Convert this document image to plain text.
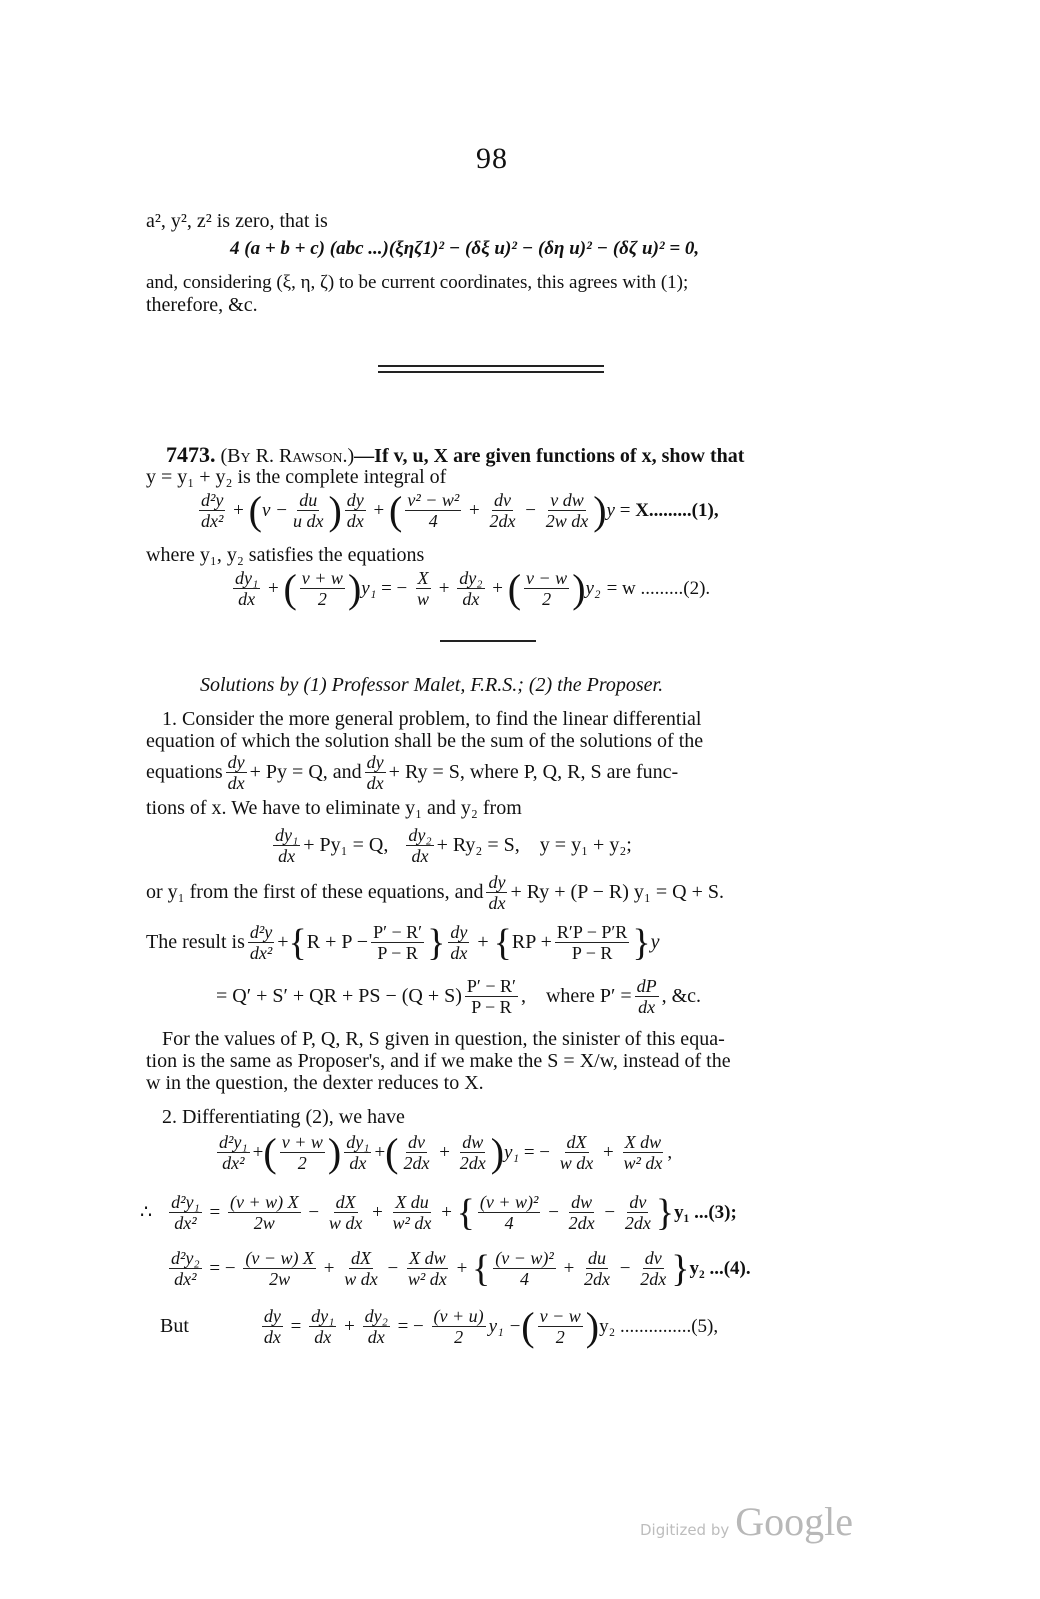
98
a², y², z² is zero, that is
4 (a + b + c) (abc ...)(ξηζ1)² − (δξ u)² − (δη u)² − (δζ u)² = 0,
and, considering (ξ, η, ζ) to be current coordinates, this agrees with (1);
therefore, &c.
7473. (By R. Rawson.)—If v, u, X are given functions of x, show that
y = y₁ + y₂ is the complete integral of
$\frac{\text{d²y}}{\text{dx²}}$ + ( $v - \frac{du}{\text{u dx}}$ ) $\frac{dy}{dx}$ + ( $\frac{\text{v² − w²}}{4} + \frac{dv}{2dx} - \frac{\text{v dw}}{\text{2w dx}}$ ) y = X.........(1),
where y₁, y₂ satisfies the equations
$\frac{\text{dy₁}}{dx}$ + ( $\frac{v + w}{2}$ ) y₁ = − $\frac{X}{w} + \frac{\text{dy₂}}{dx}$ + ( $\frac{v - w}{2}$ ) y₂ = w .........(2).
Solutions by (1) Professor Malet, F.R.S.; (2) the Proposer.
1. Consider the more general problem, to find the linear differential
equation of which the solution shall be the sum of the solutions of the
equations $\frac{dy}{dx} + Py = Q$, and $\frac{dy}{dx} + Ry = S$, where P, Q, R, S are func-
tions of x. We have to eliminate y₁ and y₂ from
$\frac{\text{dy₁}}{dx} + Py_1 = Q$, $\frac{\text{dy₂}}{dx} + Ry_2 = S$,    y = y₁ + y₂;
or y₁ from the first of these equations, and $\frac{dy}{dx} + Ry + (P - R) y_1 = Q + S$.
The result is $\frac{\text{d²y}}{\text{dx²}}$ + { $R + P - \frac{P' - R'}{P - R}$ } $\frac{dy}{dx}$ + { RP + $\frac{R'P - P'R}{P - R}$ } y
= Q′ + S′ + QR + PS − $(Q + S) \frac{P' - R'}{P - R}$ , where $P' = \frac{dP}{dx}$ , &c.
For the values of P, Q, R, S given in question, the sinister of this equa-
tion is the same as Proposer's, and if we make the S = X/w, instead of the
w in the question, the dexter reduces to X.
2. Differentiating (2), we have
$\frac{\text{d²y₁}}{\text{dx²}}$ + ( $\frac{v + w}{2}$ ) $\frac{\text{dy₁}}{dx}$ + ( $\frac{dv}{2dx} + \frac{dw}{2dx}$ ) y₁ = − $\frac{dX}{\text{w dx}} + \frac{\text{X dw}}{\text{w² dx}}$ ,
∴ $\frac{\text{d²y₁}}{\text{dx²}} = \frac{(v + w) X}{2w} - \frac{dX}{\text{w dx}} + \frac{\text{X du}}{\text{w² dx}}$ + { $\frac{\text{(v + w)²}}{4} - \frac{dw}{2dx} - \frac{dv}{2dx}$ } y₁ ...(3);
$\frac{\text{d²y₂}}{\text{dx²}}$ = − $\frac{(v - w) X}{2w} + \frac{dX}{\text{w dx}} - \frac{\text{X dw}}{\text{w² dx}}$ + { $\frac{\text{(v − w)²}}{4} + \frac{du}{2dx} - \frac{dv}{2dx}$ } y₂ ...(4).
But	$\frac{dy}{dx} = \frac{\text{dy₁}}{dx} + \frac{\text{dy₂}}{dx}$ = − $\frac{(v + u)}{2} y_1$ − ( $\frac{v - w}{2}$ ) y₂ ...............(5),
Digitized by Google
